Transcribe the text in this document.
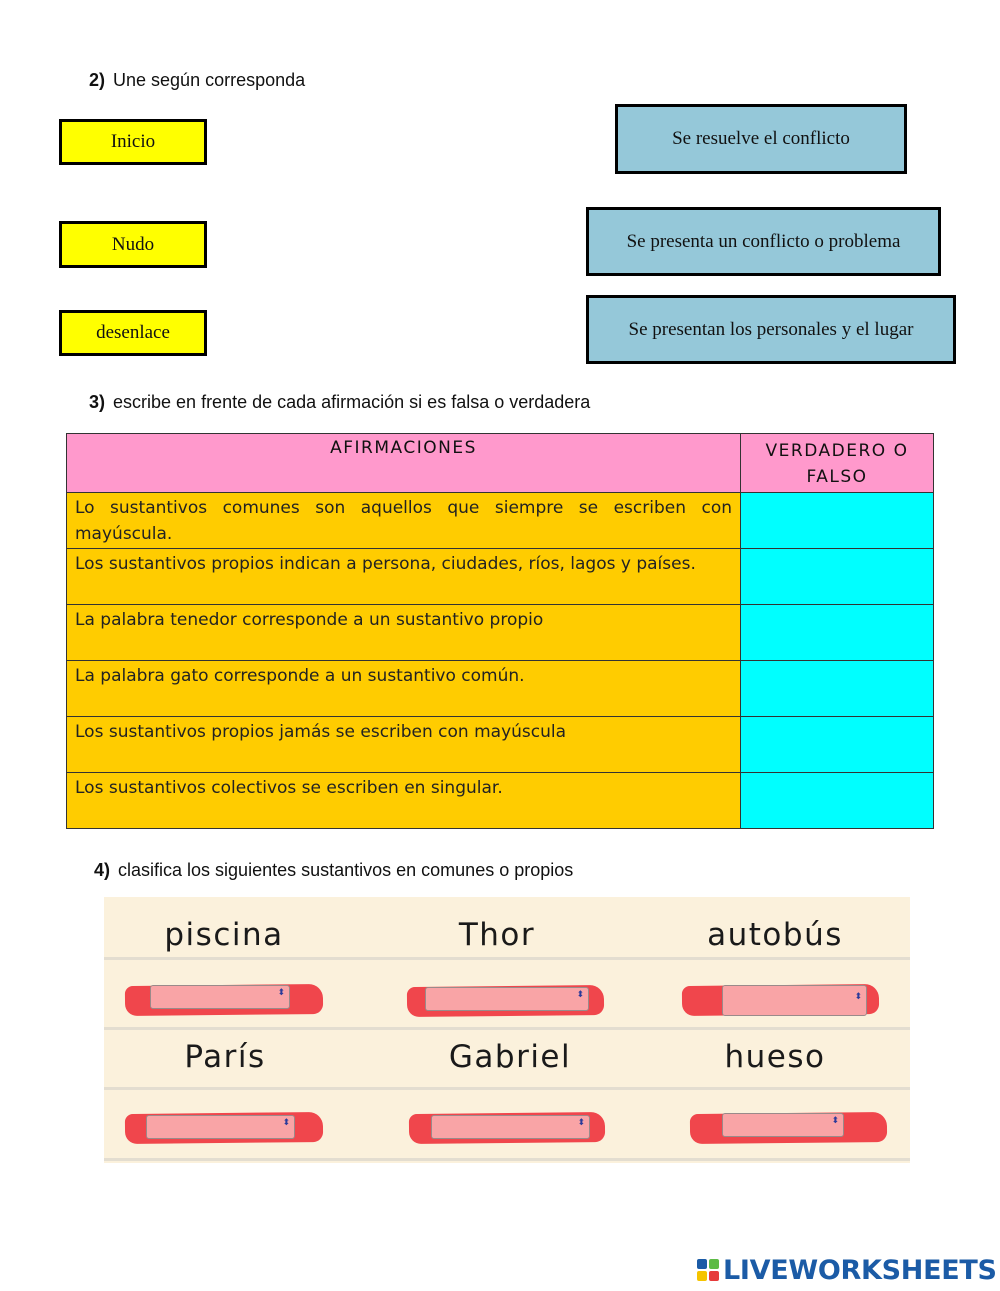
2) Une según corresponda
Inicio
Nudo
desenlace
Se resuelve el conflicto
Se presenta un conflicto o problema
Se presentan los personales y el lugar
3) escribe en frente de cada afirmación si es falsa o verdadera
AFIRMACIONES	VERDADERO O FALSO
Lo sustantivos comunes son aquellos que siempre se escriben con mayúscula.	
Los sustantivos propios indican a persona, ciudades, ríos, lagos y países.	
La palabra tenedor corresponde a un sustantivo propio	
La palabra gato corresponde a un sustantivo común.	
Los sustantivos propios jamás se escriben con mayúscula	
Los sustantivos colectivos se escriben en singular.	
4) clasifica los siguientes sustantivos en comunes o propios
piscina	Thor	autobús
París	Gabriel	hueso
⬍	⬍	⬍
⬍	⬍	⬍
LIVEWORKSHEETS
